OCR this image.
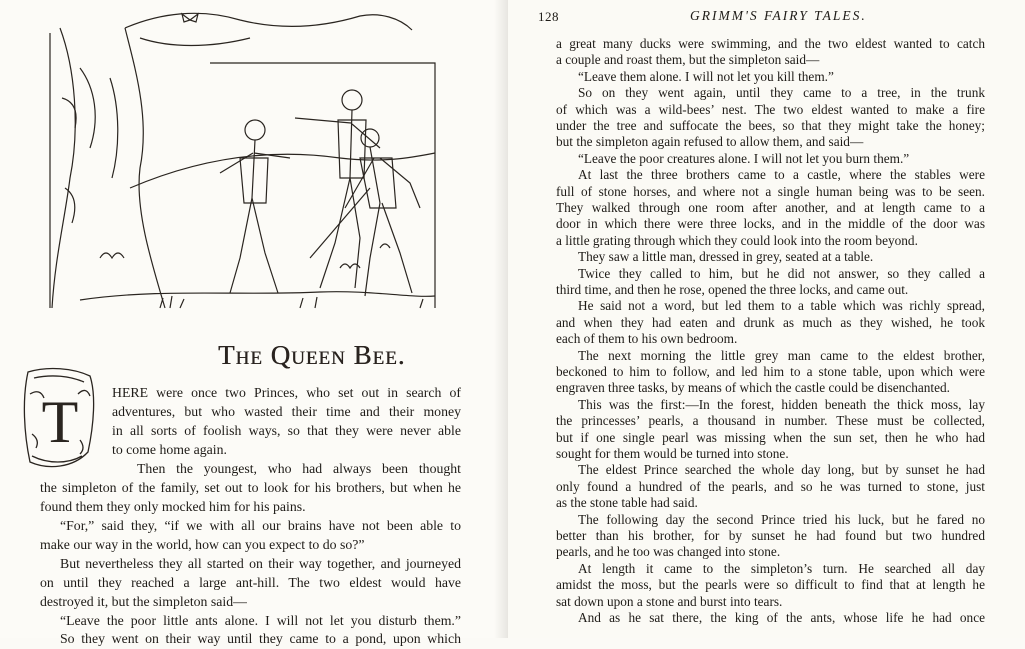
The Queen Bee.
T HERE were once two Princes, who set out in search of
adventures, but who wasted their time and their money
in all sorts of foolish ways, so that they were never able
to come home again.
Then the youngest, who had always been thought
the simpleton of the family, set out to look for his brothers, but when he
found them they only mocked him for his pains.
“For,” said they, “if we with all our brains have not been able to
make our way in the world, how can you expect to do so?”
But nevertheless they all started on their way together, and journeyed
on until they reached a large ant-hill. The two eldest would have
destroyed it, but the simpleton said—
“Leave the poor little ants alone. I will not let you disturb them.”
So they went on their way until they came to a pond, upon which
128	GRIMM'S FAIRY TALES.
a great many ducks were swimming, and the two eldest wanted to catch
a couple and roast them, but the simpleton said—
“Leave them alone. I will not let you kill them.”
So on they went again, until they came to a tree, in the trunk
of which was a wild-bees’ nest. The two eldest wanted to make a fire
under the tree and suffocate the bees, so that they might take the honey;
but the simpleton again refused to allow them, and said—
“Leave the poor creatures alone. I will not let you burn them.”
At last the three brothers came to a castle, where the stables were
full of stone horses, and where not a single human being was to be seen.
They walked through one room after another, and at length came to a
door in which there were three locks, and in the middle of the door was
a little grating through which they could look into the room beyond.
They saw a little man, dressed in grey, seated at a table.
Twice they called to him, but he did not answer, so they called a
third time, and then he rose, opened the three locks, and came out.
He said not a word, but led them to a table which was richly spread,
and when they had eaten and drunk as much as they wished, he took
each of them to his own bedroom.
The next morning the little grey man came to the eldest brother,
beckoned to him to follow, and led him to a stone table, upon which were
engraven three tasks, by means of which the castle could be disenchanted.
This was the first:—In the forest, hidden beneath the thick moss, lay
the princesses’ pearls, a thousand in number. These must be collected,
but if one single pearl was missing when the sun set, then he who had
sought for them would be turned into stone.
The eldest Prince searched the whole day long, but by sunset he had
only found a hundred of the pearls, and so he was turned to stone, just
as the stone table had said.
The following day the second Prince tried his luck, but he fared no
better than his brother, for by sunset he had found but two hundred
pearls, and he too was changed into stone.
At length it came to the simpleton’s turn. He searched all day
amidst the moss, but the pearls were so difficult to find that at length he
sat down upon a stone and burst into tears.
And as he sat there, the king of the ants, whose life he had once
